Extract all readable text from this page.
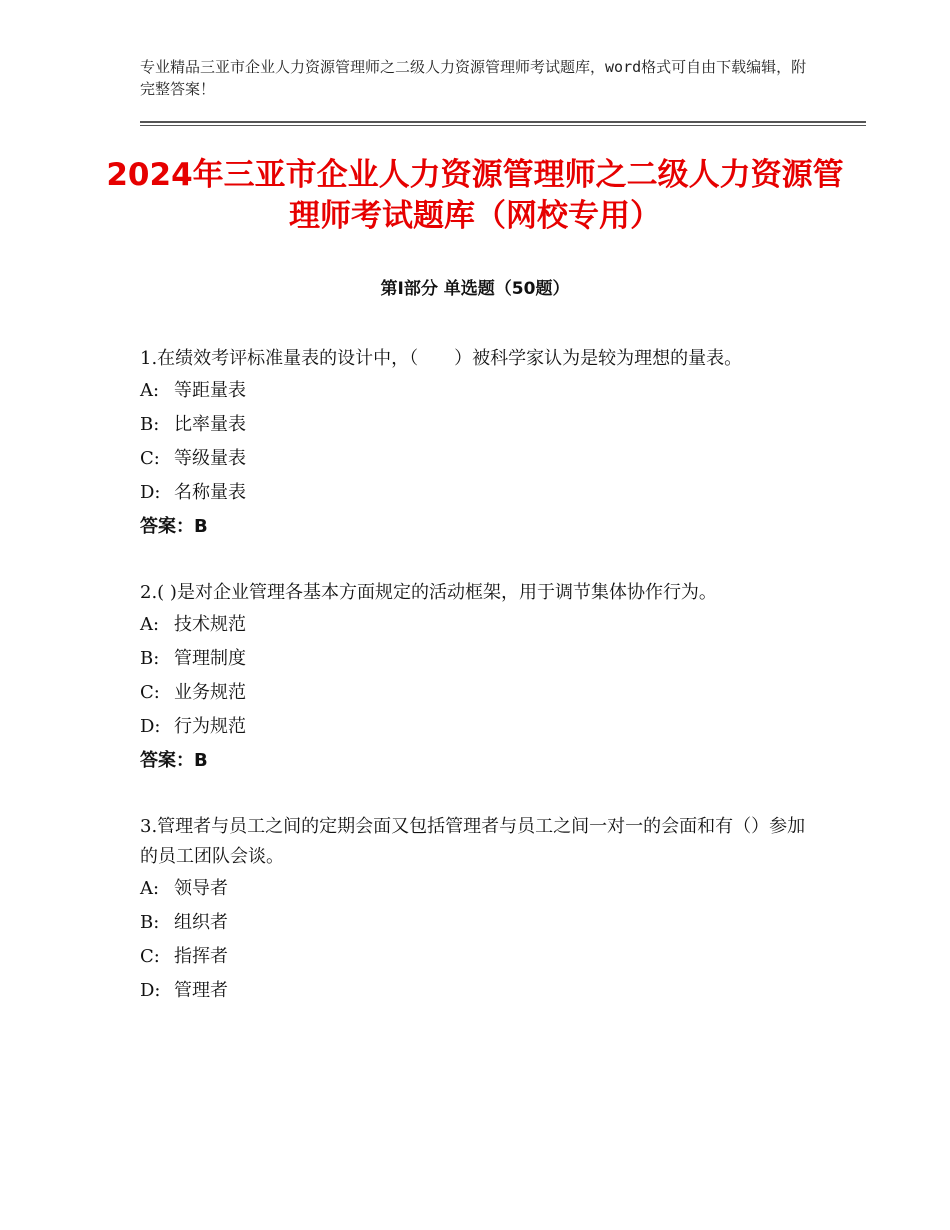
专业精品三亚市企业人力资源管理师之二级人力资源管理师考试题库，word格式可自由下载编辑，附完整答案！
2024年三亚市企业人力资源管理师之二级人力资源管理师考试题库（网校专用）
第Ⅰ部分 单选题（50题）
1.在绩效考评标准量表的设计中，（　　）被科学家认为是较为理想的量表。
A: 等距量表
B: 比率量表
C: 等级量表
D: 名称量表
答案：B
2.( )是对企业管理各基本方面规定的活动框架，用于调节集体协作行为。
A: 技术规范
B: 管理制度
C: 业务规范
D: 行为规范
答案：B
3.管理者与员工之间的定期会面又包括管理者与员工之间一对一的会面和有（）参加的员工团队会谈。
A: 领导者
B: 组织者
C: 指挥者
D: 管理者
